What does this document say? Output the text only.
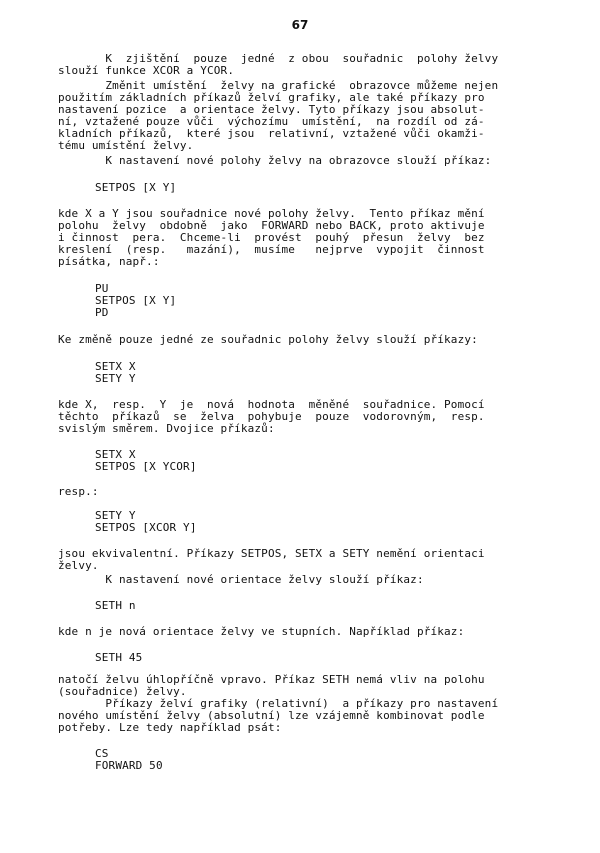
67
K  zjištění  pouze  jedné  z obou  souřadnic  polohy želvy
slouží funkce XCOR a YCOR.
Změnit umístění  želvy na grafické  obrazovce můžeme nejen
použitím základních příkazů želví grafiky, ale také příkazy pro
nastavení pozice  a orientace želvy. Tyto příkazy jsou absolut-
ní, vztažené pouze vůči  výchozímu  umístění,  na rozdíl od zá-
kladních příkazů,  které jsou  relativní, vztažené vůči okamži-
tému umístění želvy.
K nastavení nové polohy želvy na obrazovce slouží příkaz:
SETPOS [X Y]
kde X a Y jsou souřadnice nové polohy želvy.  Tento příkaz mění
polohu  želvy  obdobně  jako  FORWARD nebo BACK, proto aktivuje
i činnost  pera.  Chceme-li  provést  pouhý  přesun  želvy  bez
kreslení  (resp.   mazání),  musíme   nejprve  vypojit  činnost
písátka, např.:
PU
SETPOS [X Y]
PD
Ke změně pouze jedné ze souřadnic polohy želvy slouží příkazy:
SETX X
SETY Y
kde X,  resp.  Y  je  nová  hodnota  měněné  souřadnice. Pomocí
těchto  příkazů  se  želva  pohybuje  pouze  vodorovným,  resp.
svislým směrem. Dvojice příkazů:
SETX X
SETPOS [X YCOR]
resp.:
SETY Y
SETPOS [XCOR Y]
jsou ekvivalentní. Příkazy SETPOS, SETX a SETY nemění orientaci
želvy.
K nastavení nové orientace želvy slouží příkaz:
SETH n
kde n je nová orientace želvy ve stupních. Například příkaz:
SETH 45
natočí želvu úhlopříčně vpravo. Příkaz SETH nemá vliv na polohu
(souřadnice) želvy.
Příkazy želví grafiky (relativní)  a příkazy pro nastavení
nového umístění želvy (absolutní) lze vzájemně kombinovat podle
potřeby. Lze tedy například psát:
CS
FORWARD 50
